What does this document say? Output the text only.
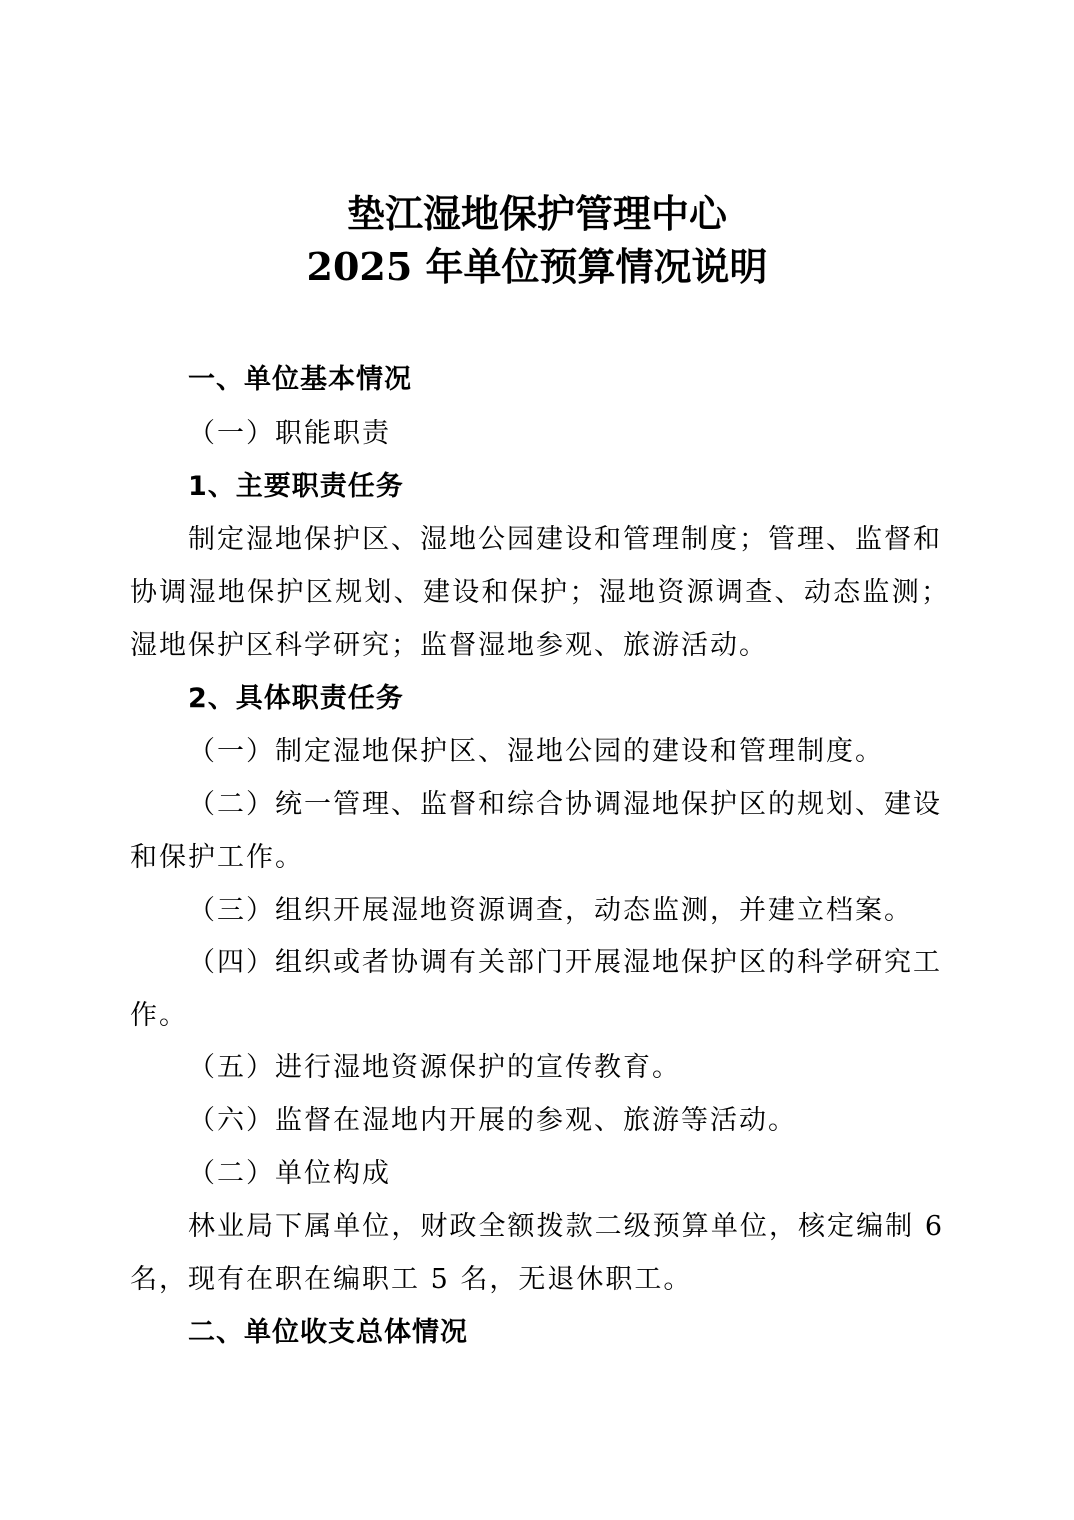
垫江湿地保护管理中心
2025 年单位预算情况说明
一、单位基本情况
（一）职能职责
1、主要职责任务
制定湿地保护区、湿地公园建设和管理制度；管理、监督和
协调湿地保护区规划、建设和保护；湿地资源调查、动态监测；
湿地保护区科学研究；监督湿地参观、旅游活动。
2、具体职责任务
（一）制定湿地保护区、湿地公园的建设和管理制度。
（二）统一管理、监督和综合协调湿地保护区的规划、建设
和保护工作。
（三）组织开展湿地资源调查，动态监测，并建立档案。
（四）组织或者协调有关部门开展湿地保护区的科学研究工
作。
（五）进行湿地资源保护的宣传教育。
（六）监督在湿地内开展的参观、旅游等活动。
（二）单位构成
林业局下属单位，财政全额拨款二级预算单位，核定编制 6
名，现有在职在编职工 5 名，无退休职工。
二、单位收支总体情况
